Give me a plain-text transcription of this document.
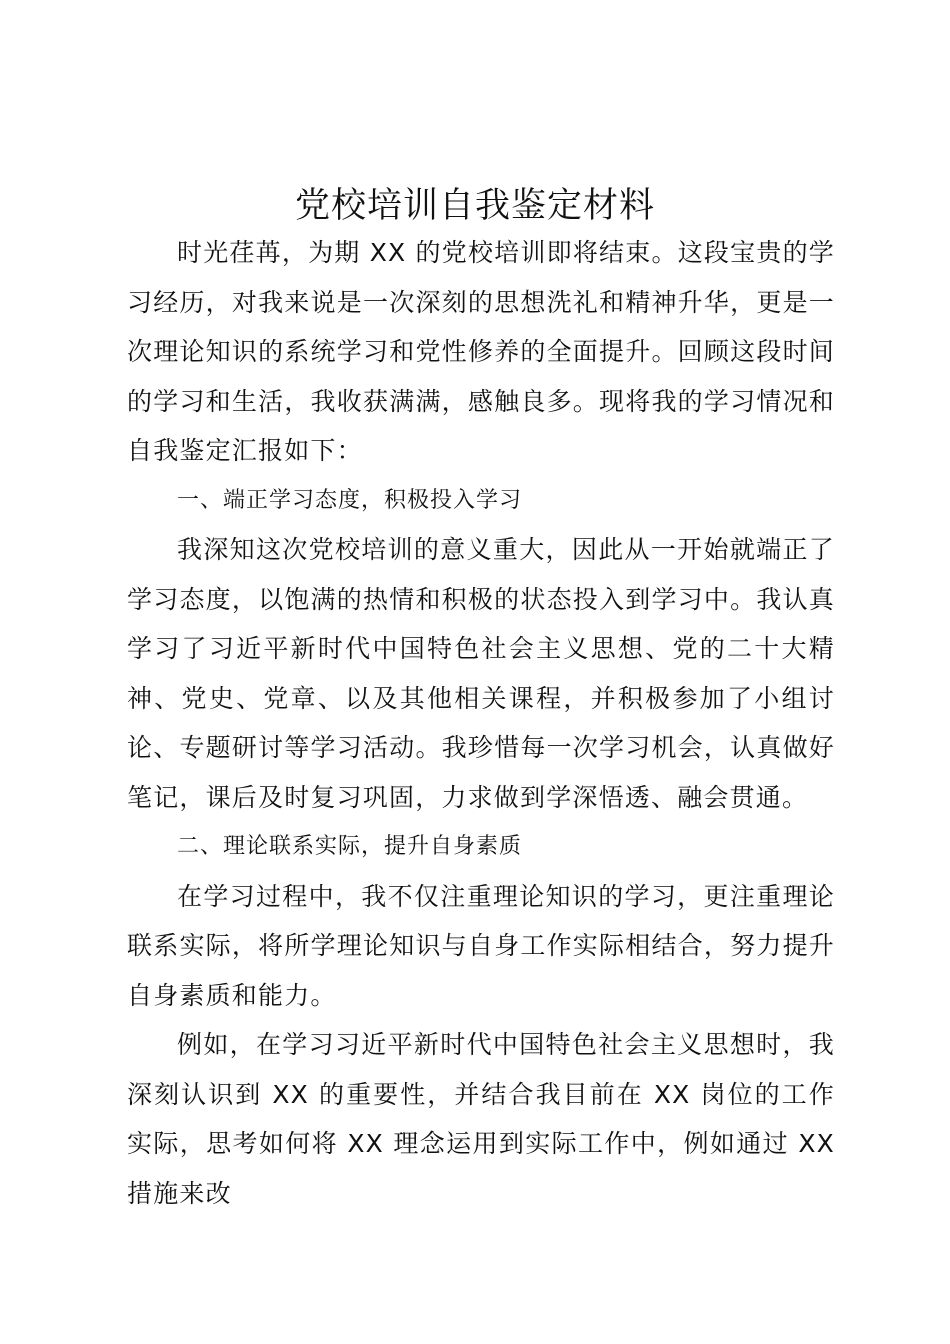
党校培训自我鉴定材料

时光荏苒，为期 XX 的党校培训即将结束。这段宝贵的学习经历，对我来说是一次深刻的思想洗礼和精神升华，更是一次理论知识的系统学习和党性修养的全面提升。回顾这段时间的学习和生活，我收获满满，感触良多。现将我的学习情况和自我鉴定汇报如下：

一、端正学习态度，积极投入学习

我深知这次党校培训的意义重大，因此从一开始就端正了学习态度，以饱满的热情和积极的状态投入到学习中。我认真学习了习近平新时代中国特色社会主义思想、党的二十大精神、党史、党章、以及其他相关课程，并积极参加了小组讨论、专题研讨等学习活动。我珍惜每一次学习机会，认真做好笔记，课后及时复习巩固，力求做到学深悟透、融会贯通。

二、理论联系实际，提升自身素质

在学习过程中，我不仅注重理论知识的学习，更注重理论联系实际，将所学理论知识与自身工作实际相结合，努力提升自身素质和能力。

例如，在学习习近平新时代中国特色社会主义思想时，我深刻认识到 XX 的重要性，并结合我目前在 XX 岗位的工作实际，思考如何将 XX 理念运用到实际工作中，例如通过 XX 措施来改
